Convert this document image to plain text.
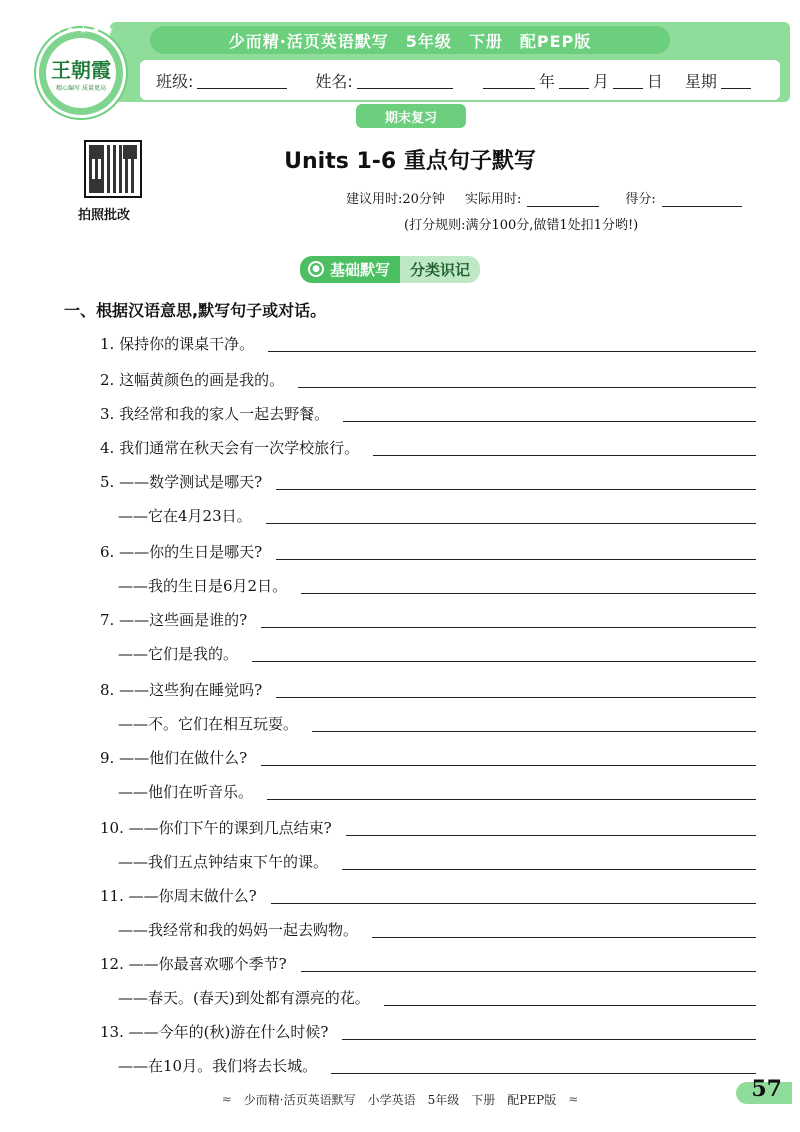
少而精·活页英语默写　5年级　下册　配PEP版
班级:	姓名:	年 月 日 星期
★★★★★
王朝霞
精心编写 质量更高
期末复习
拍照批改
Units 1-6 重点句子默写
建议用时:20分钟 实际用时:	得分:
(打分规则:满分100分,做错1处扣1分哟!)
● 基础默写	分类识记
一、根据汉语意思,默写句子或对话。
1. 保持你的课桌干净。
2. 这幅黄颜色的画是我的。
3. 我经常和我的家人一起去野餐。
4. 我们通常在秋天会有一次学校旅行。
5. ——数学测试是哪天?
——它在4月23日。
6. ——你的生日是哪天?
——我的生日是6月2日。
7. ——这些画是谁的?
——它们是我的。
8. ——这些狗在睡觉吗?
——不。它们在相互玩耍。
9. ——他们在做什么?
——他们在听音乐。
10. ——你们下午的课到几点结束?
——我们五点钟结束下午的课。
11. ——你周末做什么?
——我经常和我的妈妈一起去购物。
12. ——你最喜欢哪个季节?
——春天。(春天)到处都有漂亮的花。
13. ——今年的(秋)游在什么时候?
——在10月。我们将去长城。
≈ 少而精·活页英语默写 小学英语 5年级 下册 配PEP版 ≈	57
